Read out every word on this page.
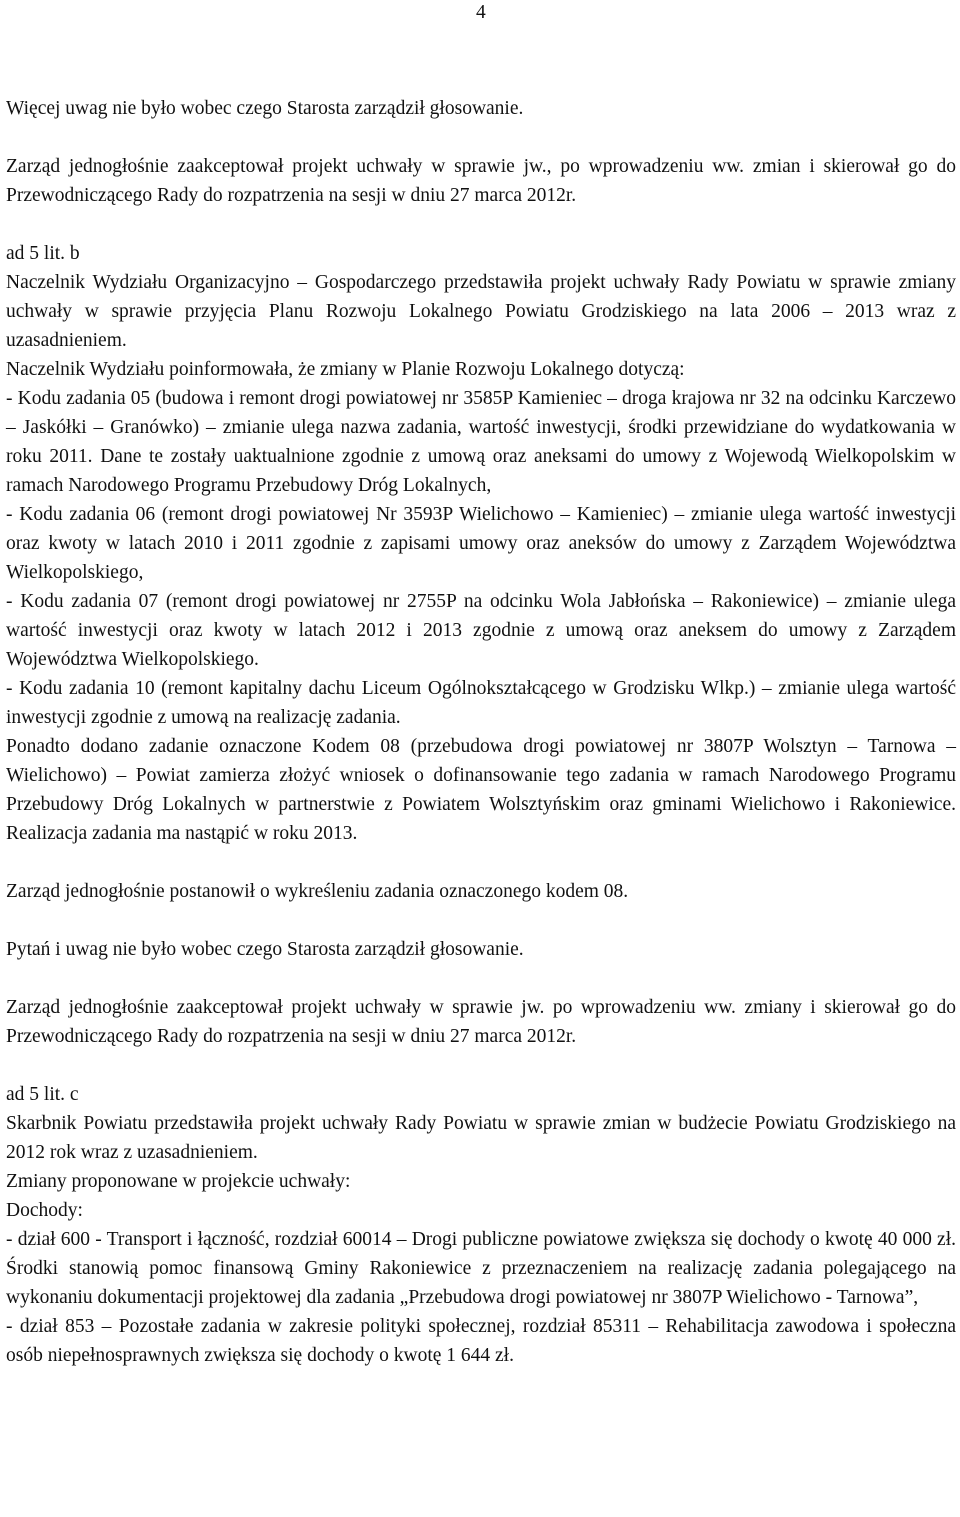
4

Więcej uwag nie było wobec czego Starosta zarządził głosowanie.

Zarząd jednogłośnie zaakceptował projekt uchwały w sprawie jw., po wprowadzeniu ww. zmian i skierował go do Przewodniczącego Rady do rozpatrzenia na sesji w dniu 27 marca 2012r.

ad 5 lit. b

Naczelnik Wydziału Organizacyjno – Gospodarczego przedstawiła projekt uchwały Rady Powiatu w sprawie zmiany uchwały w sprawie przyjęcia Planu Rozwoju Lokalnego Powiatu Grodziskiego na lata 2006 – 2013 wraz z uzasadnieniem.

Naczelnik Wydziału poinformowała, że zmiany w Planie Rozwoju Lokalnego dotyczą:

- Kodu zadania 05 (budowa i remont drogi powiatowej nr 3585P Kamieniec – droga krajowa nr 32 na odcinku Karczewo – Jaskółki – Granówko) – zmianie ulega nazwa zadania, wartość inwestycji, środki przewidziane do wydatkowania w roku 2011. Dane te zostały uaktualnione zgodnie z umową oraz aneksami do umowy z Wojewodą Wielkopolskim w ramach Narodowego Programu Przebudowy Dróg Lokalnych,

- Kodu zadania 06 (remont drogi powiatowej Nr 3593P Wielichowo – Kamieniec) – zmianie ulega wartość inwestycji oraz kwoty w latach 2010 i 2011 zgodnie z zapisami umowy oraz aneksów do umowy z Zarządem Województwa Wielkopolskiego,

- Kodu zadania 07 (remont drogi powiatowej nr 2755P na odcinku Wola Jabłońska – Rakoniewice) – zmianie ulega wartość inwestycji oraz kwoty w latach 2012 i 2013 zgodnie z umową oraz aneksem do umowy z Zarządem Województwa Wielkopolskiego.

- Kodu zadania 10 (remont kapitalny dachu Liceum Ogólnokształcącego w Grodzisku Wlkp.) – zmianie ulega wartość inwestycji zgodnie z umową na realizację zadania.

Ponadto dodano zadanie oznaczone Kodem 08 (przebudowa drogi powiatowej nr 3807P Wolsztyn – Tarnowa – Wielichowo) – Powiat zamierza złożyć wniosek o dofinansowanie tego zadania w ramach Narodowego Programu Przebudowy Dróg Lokalnych w partnerstwie z Powiatem Wolsztyńskim oraz gminami Wielichowo i Rakoniewice. Realizacja zadania ma nastąpić w roku 2013.

Zarząd jednogłośnie postanowił o wykreśleniu zadania oznaczonego kodem 08.

Pytań i uwag nie było wobec czego Starosta zarządził głosowanie.

Zarząd jednogłośnie zaakceptował projekt uchwały w sprawie jw. po wprowadzeniu ww. zmiany i skierował go do Przewodniczącego Rady do rozpatrzenia na sesji w dniu 27 marca 2012r.

ad 5 lit. c

Skarbnik Powiatu przedstawiła projekt uchwały Rady Powiatu w sprawie zmian w budżecie Powiatu Grodziskiego na 2012 rok wraz z uzasadnieniem.

Zmiany proponowane w projekcie uchwały:

Dochody:

- dział 600 - Transport i łączność, rozdział 60014 – Drogi publiczne powiatowe zwiększa się dochody o kwotę 40 000 zł. Środki stanowią pomoc finansową Gminy Rakoniewice z przeznaczeniem na realizację zadania polegającego na wykonaniu dokumentacji projektowej dla zadania „Przebudowa drogi powiatowej nr 3807P Wielichowo - Tarnowa”,

- dział 853 – Pozostałe zadania w zakresie polityki społecznej, rozdział 85311 – Rehabilitacja zawodowa i społeczna osób niepełnosprawnych zwiększa się dochody o kwotę 1 644 zł.
